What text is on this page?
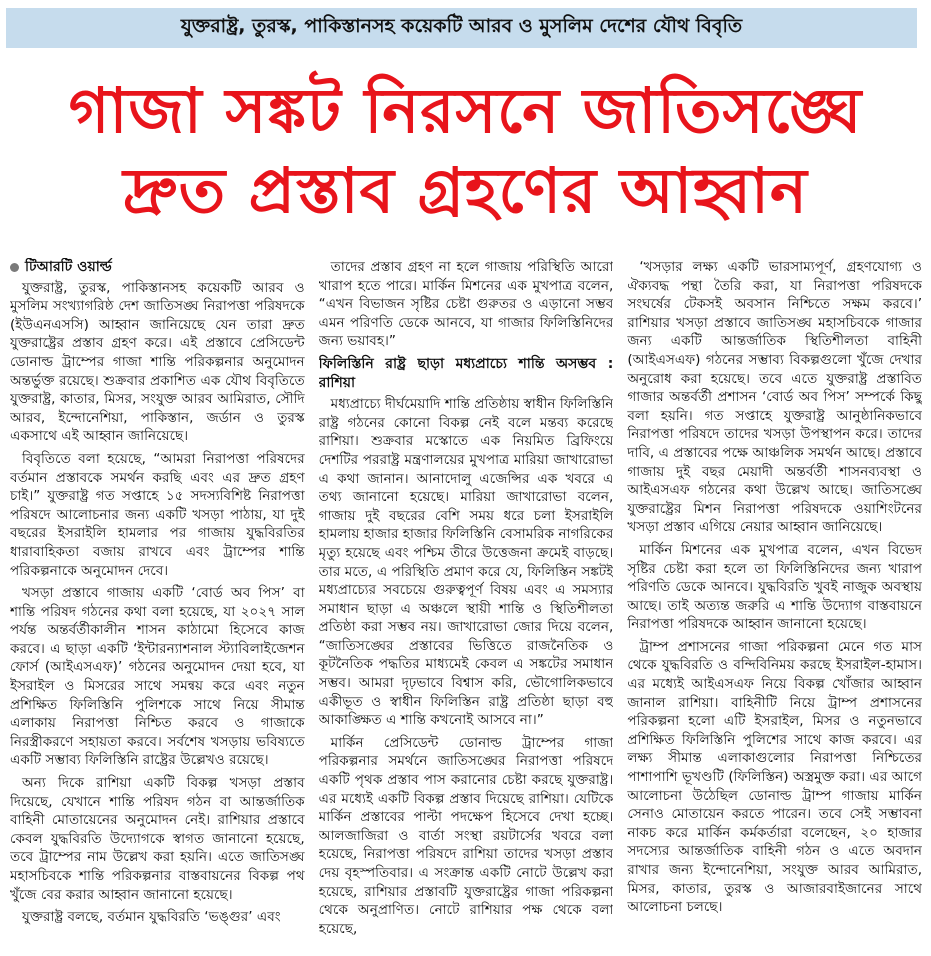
যুক্তরাষ্ট্র, তুরস্ক, পাকিস্তানসহ কয়েকটি আরব ও মুসলিম দেশের যৌথ বিবৃতি
গাজা সঙ্কট নিরসনে জাতিসঙ্ঘে
দ্রুত প্রস্তাব গ্রহণের আহ্বান
টিআরটি ওয়ার্ল্ড

যুক্তরাষ্ট্র, তুরস্ক, পাকিস্তানসহ কয়েকটি আরব ও মুসলিম সংখ্যাগরিষ্ঠ দেশ জাতিসঙ্ঘ নিরাপত্তা পরিষদকে (ইউএনএসসি) আহ্বান জানিয়েছে যেন তারা দ্রুত যুক্তরাষ্ট্রের প্রস্তাব গ্রহণ করে। এই প্রস্তাবে প্রেসিডেন্ট ডোনাল্ড ট্রাম্পের গাজা শান্তি পরিকল্পনার অনুমোদন অন্তর্ভুক্ত রয়েছে। শুক্রবার প্রকাশিত এক যৌথ বিবৃতিতে যুক্তরাষ্ট্র, কাতার, মিসর, সংযুক্ত আরব আমিরাত, সৌদি আরব, ইন্দোনেশিয়া, পাকিস্তান, জর্ডান ও তুরস্ক একসাথে এই আহ্বান জানিয়েছে।

বিবৃতিতে বলা হয়েছে, “আমরা নিরাপত্তা পরিষদের বর্তমান প্রস্তাবকে সমর্থন করছি এবং এর দ্রুত গ্রহণ চাই।” যুক্তরাষ্ট্র গত সপ্তাহে ১৫ সদস্যবিশিষ্ট নিরাপত্তা পরিষদে আলোচনার জন্য একটি খসড়া পাঠায়, যা দুই বছরের ইসরাইলি হামলার পর গাজায় যুদ্ধবিরতির ধারাবাহিকতা বজায় রাখবে এবং ট্রাম্পের শান্তি পরিকল্পনাকে অনুমোদন দেবে।

খসড়া প্রস্তাবে গাজায় একটি ‘বোর্ড অব পিস’ বা শান্তি পরিষদ গঠনের কথা বলা হয়েছে, যা ২০২৭ সাল পর্যন্ত অন্তর্বর্তীকালীন শাসন কাঠামো হিসেবে কাজ করবে। এ ছাড়া একটি ‘ইন্টারন্যাশনাল স্ট্যাবিলাইজেশন ফোর্স (আইএসএফ)’ গঠনের অনুমোদন দেয়া হবে, যা ইসরাইল ও মিসরের সাথে সমন্বয় করে এবং নতুন প্রশিক্ষিত ফিলিস্তিনি পুলিশকে সাথে নিয়ে সীমান্ত এলাকায় নিরাপত্তা নিশ্চিত করবে ও গাজাকে নিরস্ত্রীকরণে সহায়তা করবে। সর্বশেষ খসড়ায় ভবিষ্যতে একটি সম্ভাব্য ফিলিস্তিনি রাষ্ট্রের উল্লেখও রয়েছে।

অন্য দিকে রাশিয়া একটি বিকল্প খসড়া প্রস্তাব দিয়েছে, যেখানে শান্তি পরিষদ গঠন বা আন্তর্জাতিক বাহিনী মোতায়েনের অনুমোদন নেই। রাশিয়ার প্রস্তাবে কেবল যুদ্ধবিরতি উদ্যোগকে স্বাগত জানানো হয়েছে, তবে ট্রাম্পের নাম উল্লেখ করা হয়নি। এতে জাতিসঙ্ঘ মহাসচিবকে শান্তি পরিকল্পনার বাস্তবায়নের বিকল্প পথ খুঁজে বের করার আহ্বান জানানো হয়েছে।

যুক্তরাষ্ট্র বলছে, বর্তমান যুদ্ধবিরতি ‘ভঙ্গুর’ এবং

তাদের প্রস্তাব গ্রহণ না হলে গাজায় পরিস্থিতি আরো খারাপ হতে পারে। মার্কিন মিশনের এক মুখপাত্র বলেন, “এখন বিভাজন সৃষ্টির চেষ্টা গুরুতর ও এড়ানো সম্ভব এমন পরিণতি ডেকে আনবে, যা গাজার ফিলিস্তিনিদের জন্য ভয়াবহ।”

ফিলিস্তিনি রাষ্ট্র ছাড়া মধ্যপ্রাচ্যে শান্তি অসম্ভব : রাশিয়া

মধ্যপ্রাচ্যে দীর্ঘমেয়াদি শান্তি প্রতিষ্ঠায় স্বাধীন ফিলিস্তিনি রাষ্ট্র গঠনের কোনো বিকল্প নেই বলে মন্তব্য করেছে রাশিয়া। শুক্রবার মস্কোতে এক নিয়মিত ব্রিফিংয়ে দেশটির পররাষ্ট্র মন্ত্রণালয়ের মুখপাত্র মারিয়া জাখারোভা এ কথা জানান। আনাদোলু এজেন্সির এক খবরে এ তথ্য জানানো হয়েছে। মারিয়া জাখারোভা বলেন, গাজায় দুই বছরের বেশি সময় ধরে চলা ইসরাইলি হামলায় হাজার হাজার ফিলিস্তিনি বেসামরিক নাগরিকের মৃত্যু হয়েছে এবং পশ্চিম তীরে উত্তেজনা ক্রমেই বাড়ছে। তার মতে, এ পরিস্থিতি প্রমাণ করে যে, ফিলিস্তিন সঙ্কটই মধ্যপ্রাচ্যের সবচেয়ে গুরুত্বপূর্ণ বিষয় এবং এ সমস্যার সমাধান ছাড়া এ অঞ্চলে স্থায়ী শান্তি ও স্থিতিশীলতা প্রতিষ্ঠা করা সম্ভব নয়। জাখারোভা জোর দিয়ে বলেন, “জাতিসঙ্ঘের প্রস্তাবের ভিত্তিতে রাজনৈতিক ও কূটনৈতিক পদ্ধতির মাধ্যমেই কেবল এ সঙ্কটের সমাধান সম্ভব। আমরা দৃঢ়ভাবে বিশ্বাস করি, ভৌগোলিকভাবে একীভূত ও স্বাধীন ফিলিস্তিন রাষ্ট্র প্রতিষ্ঠা ছাড়া বহু আকাঙ্ক্ষিত এ শান্তি কখনোই আসবে না।”

মার্কিন প্রেসিডেন্ট ডোনাল্ড ট্রাম্পের গাজা পরিকল্পনার সমর্থনে জাতিসঙ্ঘের নিরাপত্তা পরিষদে একটি পৃথক প্রস্তাব পাস করানোর চেষ্টা করছে যুক্তরাষ্ট্র। এর মধ্যেই একটি বিকল্প প্রস্তাব দিয়েছে রাশিয়া। যেটিকে মার্কিন প্রস্তাবের পাল্টা পদক্ষেপ হিসেবে দেখা হচ্ছে। আলজাজিরা ও বার্তা সংস্থা রয়টার্সের খবরে বলা হয়েছে, নিরাপত্তা পরিষদে রাশিয়া তাদের খসড়া প্রস্তাব দেয় বৃহস্পতিবার। এ সংক্রান্ত একটি নোটে উল্লেখ করা হয়েছে, রাশিয়ার প্রস্তাবটি যুক্তরাষ্ট্রের গাজা পরিকল্পনা থেকে অনুপ্রাণিত। নোটে রাশিয়ার পক্ষ থেকে বলা হয়েছে,

‘খসড়ার লক্ষ্য একটি ভারসাম্যপূর্ণ, গ্রহণযোগ্য ও ঐক্যবদ্ধ পন্থা তৈরি করা, যা নিরাপত্তা পরিষদকে সংঘর্ষের টেকসই অবসান নিশ্চিতে সক্ষম করবে।’ রাশিয়ার খসড়া প্রস্তাবে জাতিসঙ্ঘ মহাসচিবকে গাজার জন্য একটি আন্তর্জাতিক স্থিতিশীলতা বাহিনী (আইএসএফ) গঠনের সম্ভাব্য বিকল্পগুলো খুঁজে দেখার অনুরোধ করা হয়েছে। তবে এতে যুক্তরাষ্ট্র প্রস্তাবিত গাজার অন্তর্বর্তী প্রশাসন ‘বোর্ড অব পিস’ সম্পর্কে কিছু বলা হয়নি। গত সপ্তাহে যুক্তরাষ্ট্র আনুষ্ঠানিকভাবে নিরাপত্তা পরিষদে তাদের খসড়া উপস্থাপন করে। তাদের দাবি, এ প্রস্তাবের পক্ষে আঞ্চলিক সমর্থন আছে। প্রস্তাবে গাজায় দুই বছর মেয়াদী অন্তর্বর্তী শাসনব্যবস্থা ও আইএসএফ গঠনের কথা উল্লেখ আছে। জাতিসঙ্ঘে যুক্তরাষ্ট্রের মিশন নিরাপত্তা পরিষদকে ওয়াশিংটনের খসড়া প্রস্তাব এগিয়ে নেয়ার আহ্বান জানিয়েছে।

মার্কিন মিশনের এক মুখপাত্র বলেন, এখন বিভেদ সৃষ্টির চেষ্টা করা হলে তা ফিলিস্তিনিদের জন্য খারাপ পরিণতি ডেকে আনবে। যুদ্ধবিরতি খুবই নাজুক অবস্থায় আছে। তাই অত্যন্ত জরুরি এ শান্তি উদ্যোগ বাস্তবায়নে নিরাপত্তা পরিষদকে আহ্বান জানানো হয়েছে।

ট্রাম্প প্রশাসনের গাজা পরিকল্পনা মেনে গত মাস থেকে যুদ্ধবিরতি ও বন্দিবিনিময় করছে ইসরাইল-হামাস। এর মধ্যেই আইএসএফ নিয়ে বিকল্প খোঁজার আহ্বান জানাল রাশিয়া। বাহিনীটি নিয়ে ট্রাম্প প্রশাসনের পরিকল্পনা হলো এটি ইসরাইল, মিসর ও নতুনভাবে প্রশিক্ষিত ফিলিস্তিনি পুলিশের সাথে কাজ করবে। এর লক্ষ্য সীমান্ত এলাকাগুলোর নিরাপত্তা নিশ্চিতের পাশাপাশি ভূখণ্ডটি (ফিলিস্তিন) অস্ত্রমুক্ত করা। এর আগে আলোচনা উঠেছিল ডোনাল্ড ট্রাম্প গাজায় মার্কিন সেনাও মোতায়েন করতে পারেন। তবে সেই সম্ভাবনা নাকচ করে মার্কিন কর্মকর্তারা বলেছেন, ২০ হাজার সদস্যের আন্তর্জাতিক বাহিনী গঠন ও এতে অবদান রাখার জন্য ইন্দোনেশিয়া, সংযুক্ত আরব আমিরাত, মিসর, কাতার, তুরস্ক ও আজারবাইজানের সাথে আলোচনা চলছে।
